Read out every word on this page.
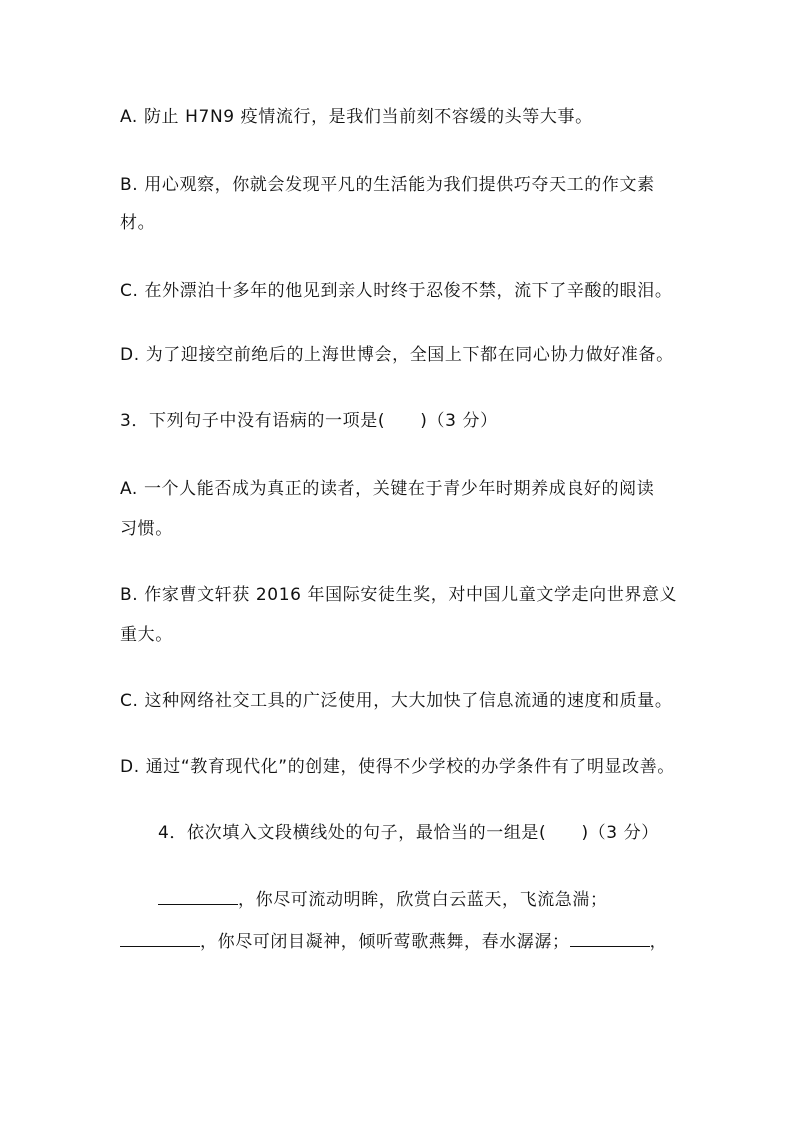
A. 防止 H7N9 疫情流行，是我们当前刻不容缓的头等大事。
B. 用心观察，你就会发现平凡的生活能为我们提供巧夺天工的作文素
材。
C. 在外漂泊十多年的他见到亲人时终于忍俊不禁，流下了辛酸的眼泪。
D. 为了迎接空前绝后的上海世博会，全国上下都在同心协力做好准备。
3．下列句子中没有语病的一项是(　　)（3 分）
A. 一个人能否成为真正的读者，关键在于青少年时期养成良好的阅读
习惯。
B. 作家曹文轩获 2016 年国际安徒生奖，对中国儿童文学走向世界意义
重大。
C. 这种网络社交工具的广泛使用，大大加快了信息流通的速度和质量。
D. 通过“教育现代化”的创建，使得不少学校的办学条件有了明显改善。
4．依次填入文段横线处的句子，最恰当的一组是(　　)（3 分）
，你尽可流动明眸，欣赏白云蓝天，飞流急湍；
，你尽可闭目凝神，倾听莺歌燕舞，春水潺潺；	，
